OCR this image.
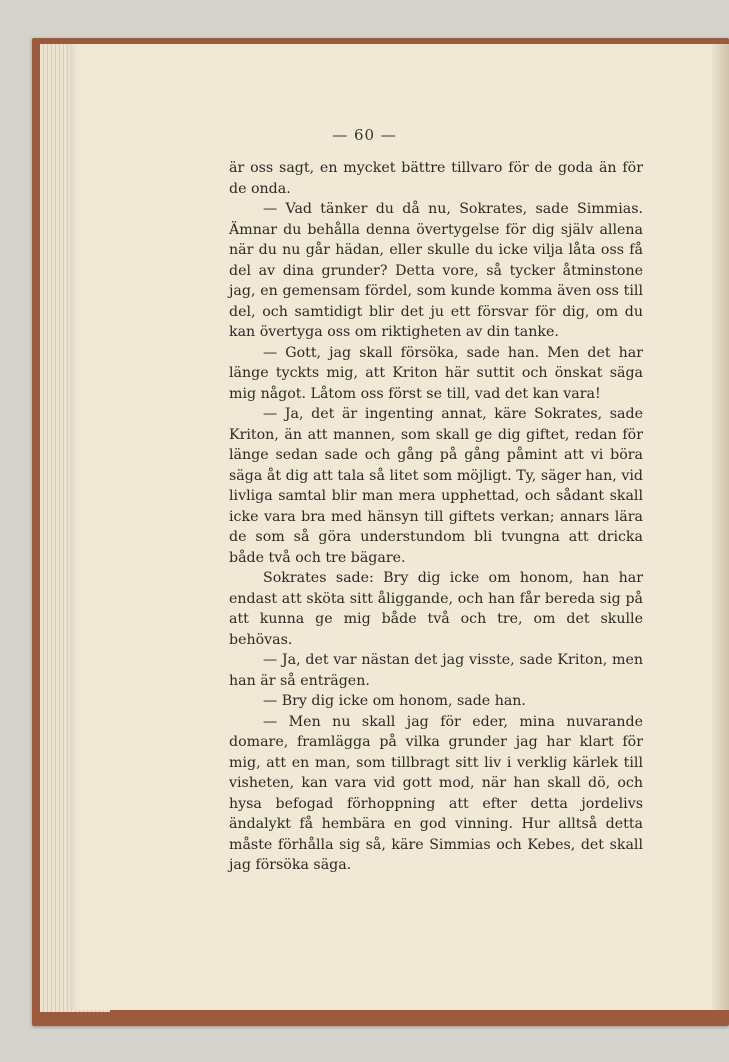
— 60 —

är oss sagt, en mycket bättre tillvaro för de goda än för de onda.

— Vad tänker du då nu, Sokrates, sade Simmias. Ämnar du behålla denna övertygelse för dig själv allena när du nu går hädan, eller skulle du icke vilja låta oss få del av dina grunder? Detta vore, så tycker åtminstone jag, en gemensam fördel, som kunde komma även oss till del, och samtidigt blir det ju ett försvar för dig, om du kan övertyga oss om riktigheten av din tanke.

— Gott, jag skall försöka, sade han. Men det har länge tyckts mig, att Kriton här suttit och önskat säga mig något. Låtom oss först se till, vad det kan vara!

— Ja, det är ingenting annat, käre Sokrates, sade Kriton, än att mannen, som skall ge dig giftet, redan för länge sedan sade och gång på gång påmint att vi böra säga åt dig att tala så litet som möjligt. Ty, säger han, vid livliga samtal blir man mera upphettad, och sådant skall icke vara bra med hänsyn till giftets verkan; annars lära de som så göra understundom bli tvungna att dricka både två och tre bägare.

Sokrates sade: Bry dig icke om honom, han har endast att sköta sitt åliggande, och han får bereda sig på att kunna ge mig både två och tre, om det skulle behövas.

— Ja, det var nästan det jag visste, sade Kriton, men han är så enträgen.

— Bry dig icke om honom, sade han.

— Men nu skall jag för eder, mina nuvarande domare, framlägga på vilka grunder jag har klart för mig, att en man, som tillbragt sitt liv i verklig kärlek till visheten, kan vara vid gott mod, när han skall dö, och hysa befogad förhoppning att efter detta jordelivs ändalykt få hembära en god vinning. Hur alltså detta måste förhålla sig så, käre Simmias och Kebes, det skall jag försöka säga.
